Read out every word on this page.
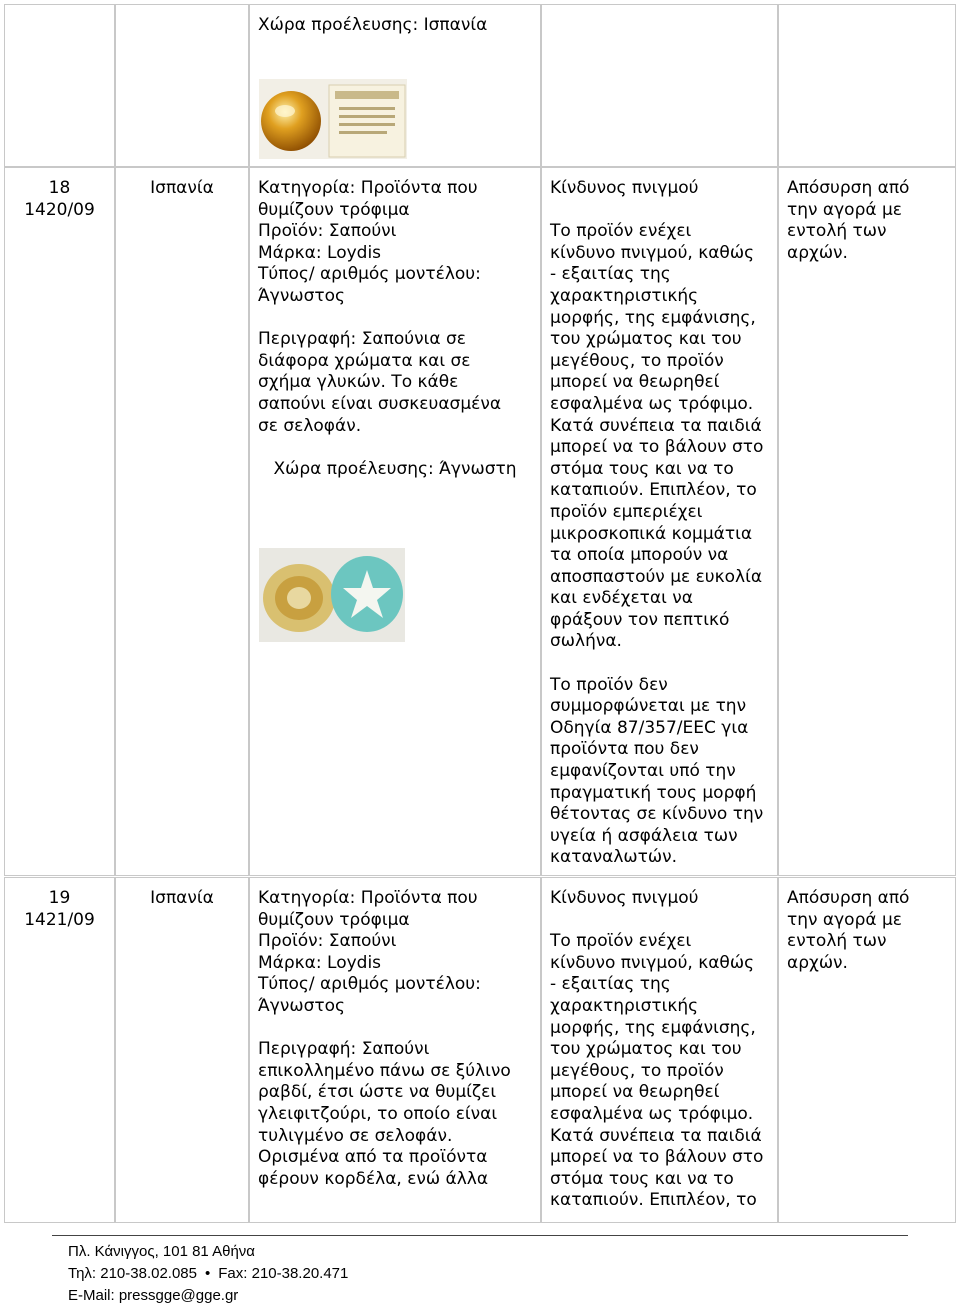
Χώρα προέλευσης: Ισπανία
18
1420/09
Ισπανία	Κατηγορία: Προϊόντα που
θυμίζουν τρόφιμα
Προϊόν: Σαπούνι
Μάρκα: Loydis
Τύπος/ αριθμός μοντέλου:
Άγνωστος
Περιγραφή: Σαπούνια σε
διάφορα χρώματα και σε
σχήμα γλυκών. Το κάθε
σαπούνι είναι συσκευασμένα
σε σελοφάν.
Χώρα προέλευσης: Άγνωστη
Κίνδυνος πνιγμού
Το προϊόν ενέχει
κίνδυνο πνιγμού, καθώς
- εξαιτίας της
χαρακτηριστικής
μορφής, της εμφάνισης,
του χρώματος και του
μεγέθους, το προϊόν
μπορεί να θεωρηθεί
εσφαλμένα ως τρόφιμο.
Κατά συνέπεια τα παιδιά
μπορεί να το βάλουν στο
στόμα τους και να το
καταπιούν. Επιπλέον, το
προϊόν εμπεριέχει
μικροσκοπικά κομμάτια
τα οποία μπορούν να
αποσπαστούν με ευκολία
και ενδέχεται να
φράξουν τον πεπτικό
σωλήνα.
Το προϊόν δεν
συμμορφώνεται με την
Οδηγία 87/357/ΕΕC για
προϊόντα που δεν
εμφανίζονται υπό την
πραγματική τους μορφή
θέτοντας σε κίνδυνο την
υγεία ή ασφάλεια των
καταναλωτών.
Απόσυρση από
την αγορά με
εντολή των
αρχών.
19
1421/09
Ισπανία	Κατηγορία: Προϊόντα που
θυμίζουν τρόφιμα
Προϊόν: Σαπούνι
Μάρκα: Loydis
Τύπος/ αριθμός μοντέλου:
Άγνωστος
Περιγραφή: Σαπούνι
επικολλημένο πάνω σε ξύλινο
ραβδί, έτσι ώστε να θυμίζει
γλειφιτζούρι, το οποίο είναι
τυλιγμένο σε σελοφάν.
Ορισμένα από τα προϊόντα
φέρουν κορδέλα, ενώ άλλα
Κίνδυνος πνιγμού
Το προϊόν ενέχει
κίνδυνο πνιγμού, καθώς
- εξαιτίας της
χαρακτηριστικής
μορφής, της εμφάνισης,
του χρώματος και του
μεγέθους, το προϊόν
μπορεί να θεωρηθεί
εσφαλμένα ως τρόφιμο.
Κατά συνέπεια τα παιδιά
μπορεί να το βάλουν στο
στόμα τους και να το
καταπιούν. Επιπλέον, το
Απόσυρση από
την αγορά με
εντολή των
αρχών.
Πλ. Κάνιγγος, 101 81 Αθήνα
Τηλ: 210-38.02.085 • Fax: 210-38.20.471
E-Mail: pressgge@gge.gr
